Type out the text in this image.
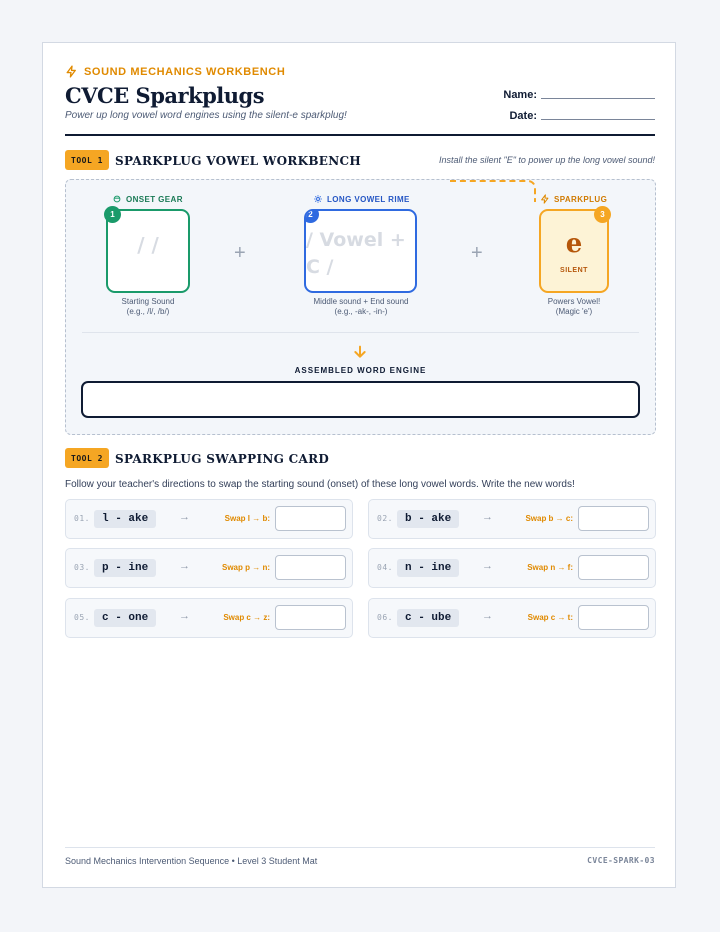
SOUND MECHANICS WORKBENCH
CVCE Sparkplugs
Power up long vowel word engines using the silent-e sparkplug!
Name:
Date:
TOOL 1	SPARKPLUG VOWEL WORKBENCH	Install the silent "E" to power up the long vowel sound!
ONSET GEAR
1
/ /
Starting Sound
(e.g., /l/, /b/)
+
LONG VOWEL RIME
2
/ Vowel + C /
Middle sound + End sound
(e.g., -ak-, -in-)
+
SPARKPLUG
3
e
SILENT
Powers Vowel!
(Magic 'e')
ASSEMBLED WORD ENGINE
TOOL 2	SPARKPLUG SWAPPING CARD
Follow your teacher's directions to swap the starting sound (onset) of these long vowel words. Write the new words!
01.	l - ake	→	Swap l → b:	02.	b - ake	→	Swap b → c:
03.	p - ine	→	Swap p → n:	04.	n - ine	→	Swap n → f:
05.	c - one	→	Swap c → z:	06.	c - ube	→	Swap c → t:
Sound Mechanics Intervention Sequence • Level 3 Student Mat	CVCE-SPARK-03
